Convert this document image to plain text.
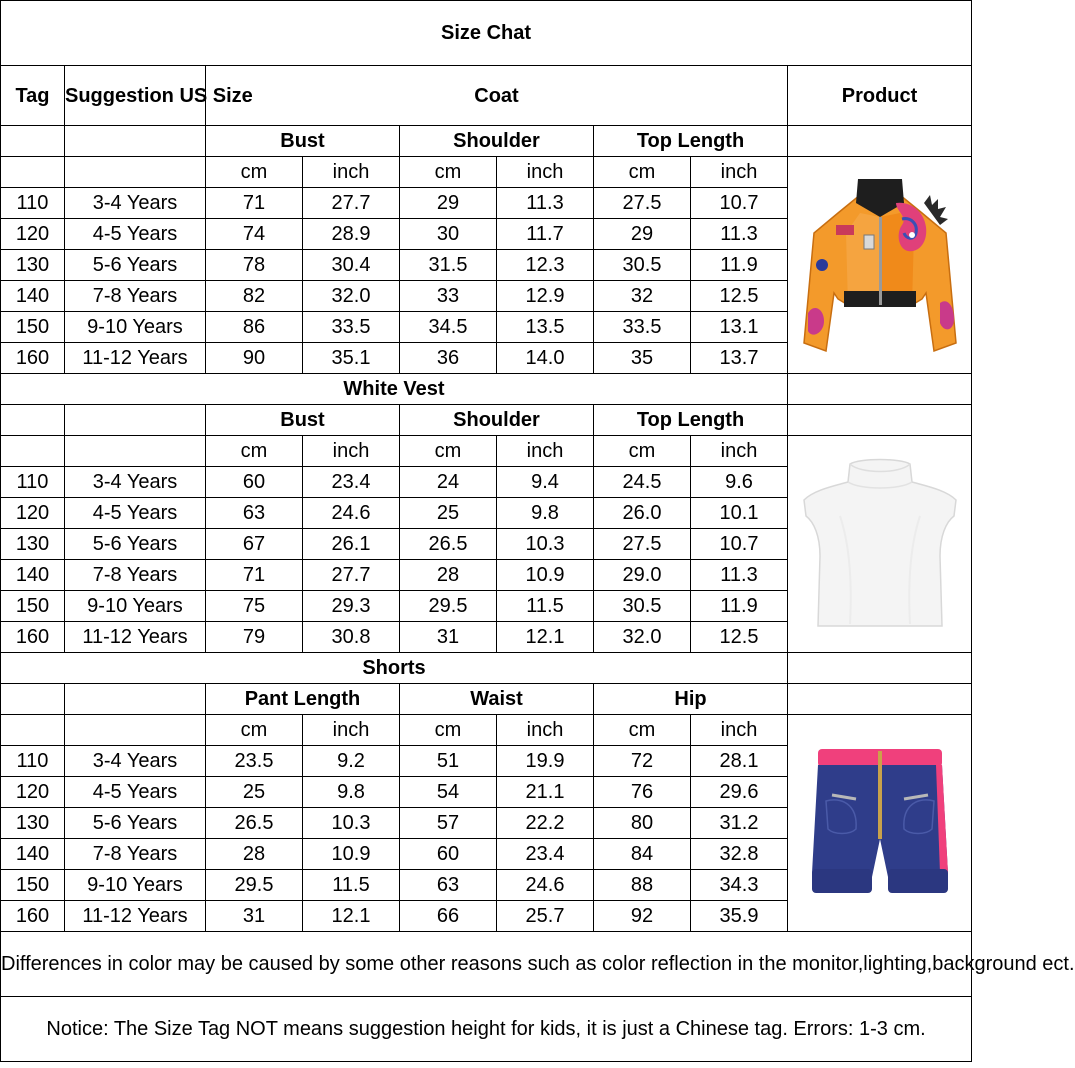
Size Chat								
Tag	Suggestion US Size	Coat						Product
		Bust		Shoulder		Top Length		
		cm	inch	cm	inch	cm	inch	

110	3-4 Years	71	27.7	29	11.3	27.5	10.7	
120	4-5 Years	74	28.9	30	11.7	29	11.3	
130	5-6 Years	78	30.4	31.5	12.3	30.5	11.9	
140	7-8 Years	82	32.0	33	12.9	32	12.5	
150	9-10 Years	86	33.5	34.5	13.5	33.5	13.1	
160	11-12 Years	90	35.1	36	14.0	35	13.7	
White Vest								
		Bust		Shoulder		Top Length		
		cm	inch	cm	inch	cm	inch	

110	3-4 Years	60	23.4	24	9.4	24.5	9.6	
120	4-5 Years	63	24.6	25	9.8	26.0	10.1	
130	5-6 Years	67	26.1	26.5	10.3	27.5	10.7	
140	7-8 Years	71	27.7	28	10.9	29.0	11.3	
150	9-10 Years	75	29.3	29.5	11.5	30.5	11.9	
160	11-12 Years	79	30.8	31	12.1	32.0	12.5	
Shorts								
		Pant Length		Waist		Hip		
		cm	inch	cm	inch	cm	inch	

110	3-4 Years	23.5	9.2	51	19.9	72	28.1	
120	4-5 Years	25	9.8	54	21.1	76	29.6	
130	5-6 Years	26.5	10.3	57	22.2	80	31.2	
140	7-8 Years	28	10.9	60	23.4	84	32.8	
150	9-10 Years	29.5	11.5	63	24.6	88	34.3	
160	11-12 Years	31	12.1	66	25.7	92	35.9	
Differences in color may be caused by some other reasons such as color reflection in the monitor,lighting,background ect.								
Notice: The Size Tag NOT means suggestion height for kids, it is just a Chinese tag. Errors: 1-3 cm.								
